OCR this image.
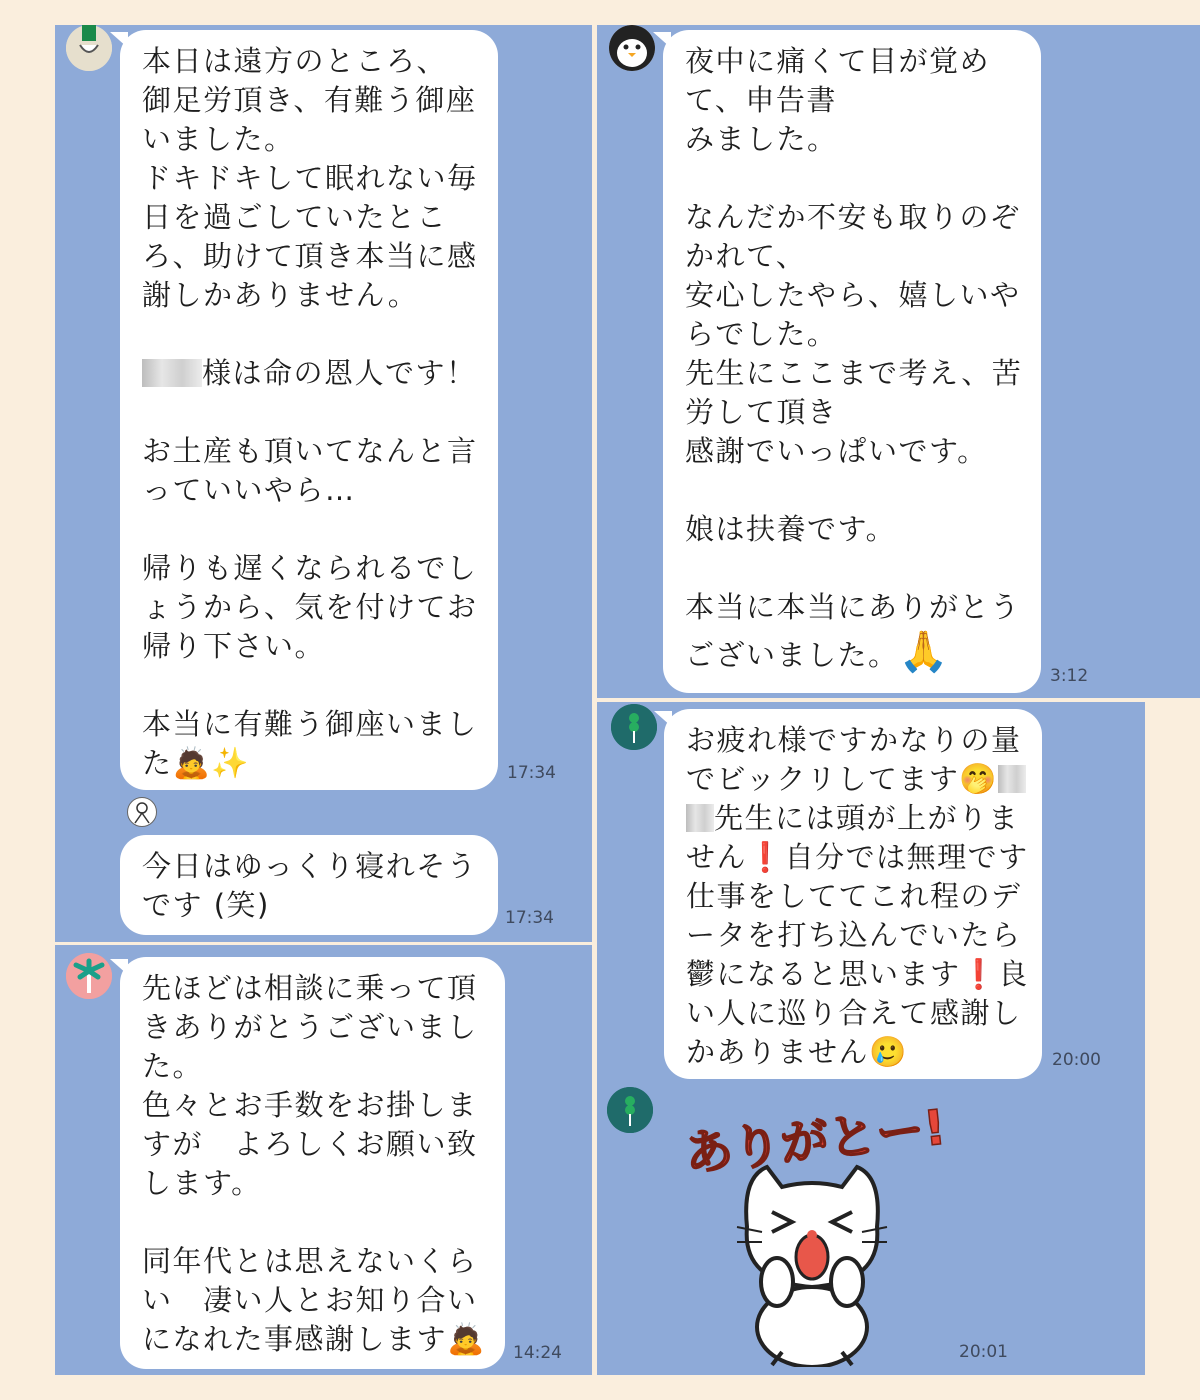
本日は遠方のところ、
御足労頂き、有難う御座
いました。
ドキドキして眠れない毎
日を過ごしていたとこ
ろ、助けて頂き本当に感
謝しかありません。
様は命の恩人です！
お土産も頂いてなんと言
っていいやら…
帰りも遅くなられるでし
ょうから、気を付けてお
帰り下さい。
本当に有難う御座いまし
た🙇✨	17:34
今日はゆっくり寝れそう
です (笑)	17:34
先ほどは相談に乗って頂
きありがとうございまし
た。
色々とお手数をお掛しま
すが　よろしくお願い致
します。
同年代とは思えないくら
い　凄い人とお知り合い
になれた事感謝します🙇 14:24
夜中に痛くて目が覚め
て、申告書
みました。
なんだか不安も取りのぞ
かれて、
安心したやら、嬉しいや
らでした。
先生にここまで考え、苦
労して頂き
感謝でいっぱいです。
娘は扶養です。
本当に本当にありがとう
ございました。🙏
3:12
お疲れ様ですかなりの量
でビックリしてます🤭
先生には頭が上がりま
せん❗自分では無理です
仕事をしててこれ程のデ
ータを打ち込んでいたら
鬱になると思います❗良
い人に巡り合えて感謝し
かありません🥲	20:00
ありがとー!
20:01
